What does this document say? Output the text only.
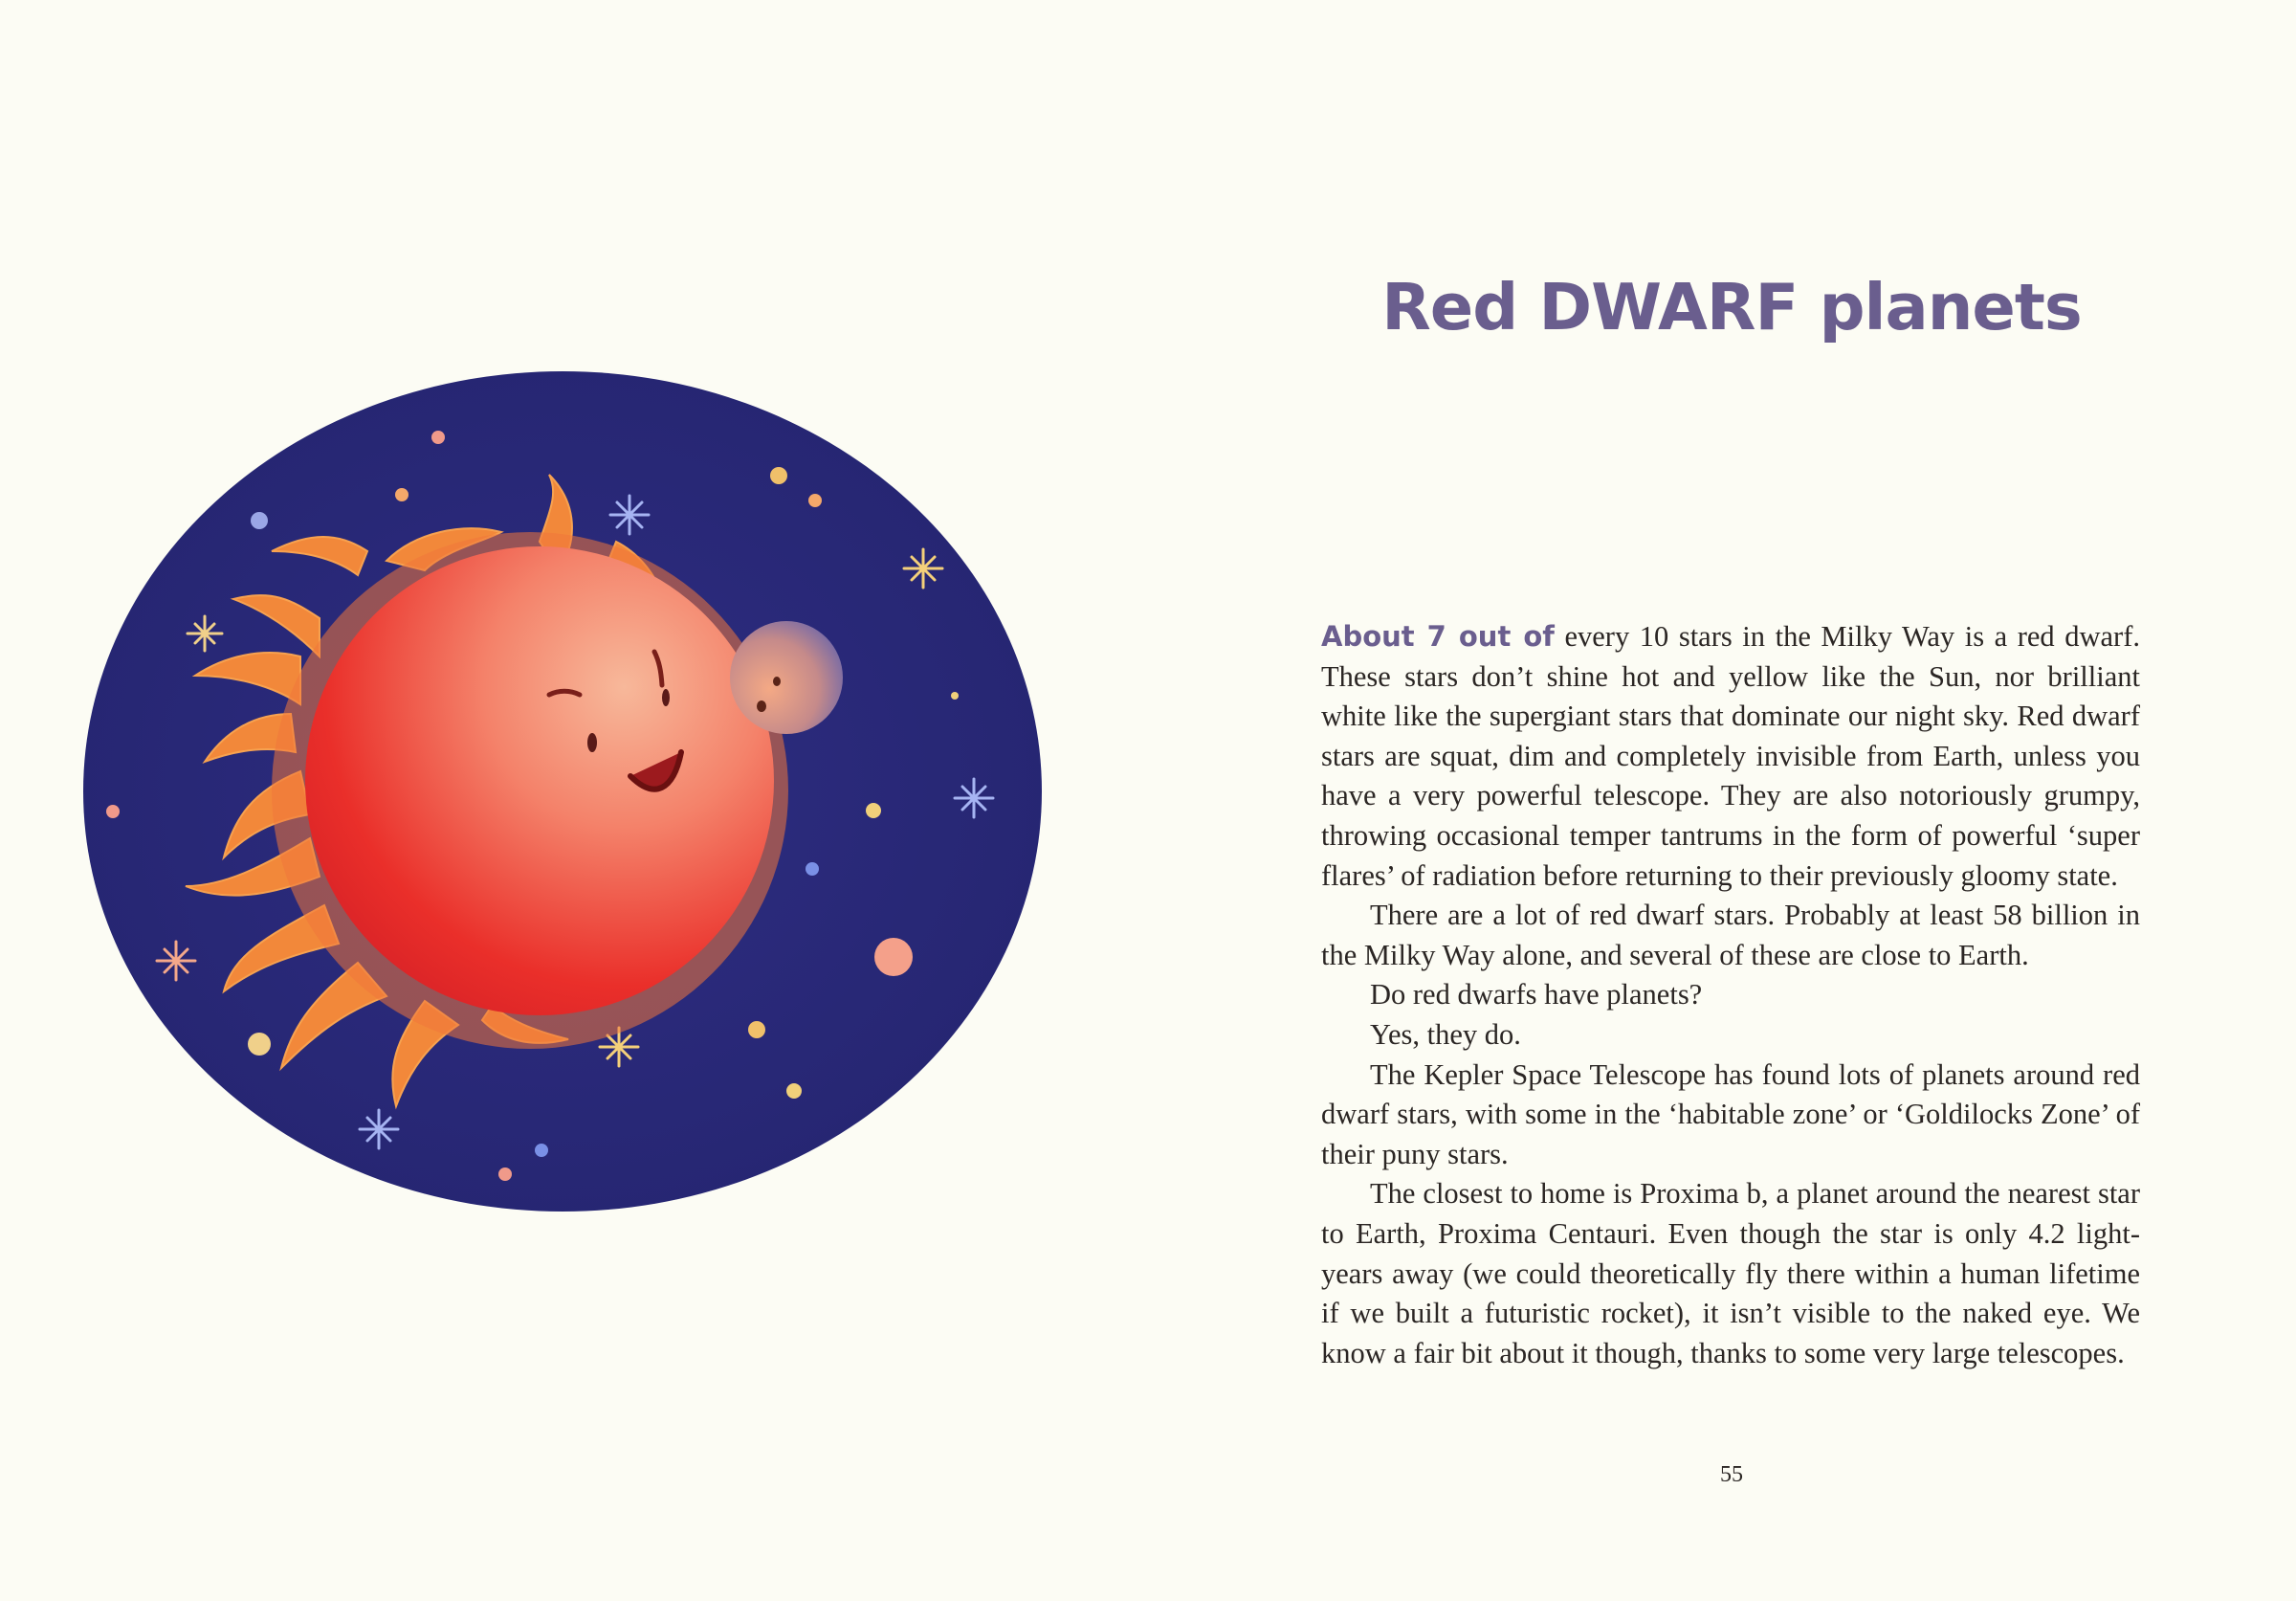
Red DWARF planets

About 7 out of every 10 stars in the Milky Way is a red dwarf. These stars don’t shine hot and yellow like the Sun, nor brilliant white like the supergiant stars that dominate our night sky. Red dwarf stars are squat, dim and completely invisible from Earth, unless you have a very powerful telescope. They are also notoriously grumpy, throwing occasional temper tantrums in the form of powerful ‘super flares’ of radiation before returning to their previously gloomy state.

There are a lot of red dwarf stars. Probably at least 58 billion in the Milky Way alone, and several of these are close to Earth.

Do red dwarfs have planets?

Yes, they do.

The Kepler Space Telescope has found lots of planets around red dwarf stars, with some in the ‘habitable zone’ or ‘Goldilocks Zone’ of their puny stars.

The closest to home is Proxima b, a planet around the nearest star to Earth, Proxima Centauri. Even though the star is only 4.2 light-years away (we could theoretically fly there within a human lifetime if we built a futuristic rocket), it isn’t visible to the naked eye. We know a fair bit about it though, thanks to some very large telescopes.

55
